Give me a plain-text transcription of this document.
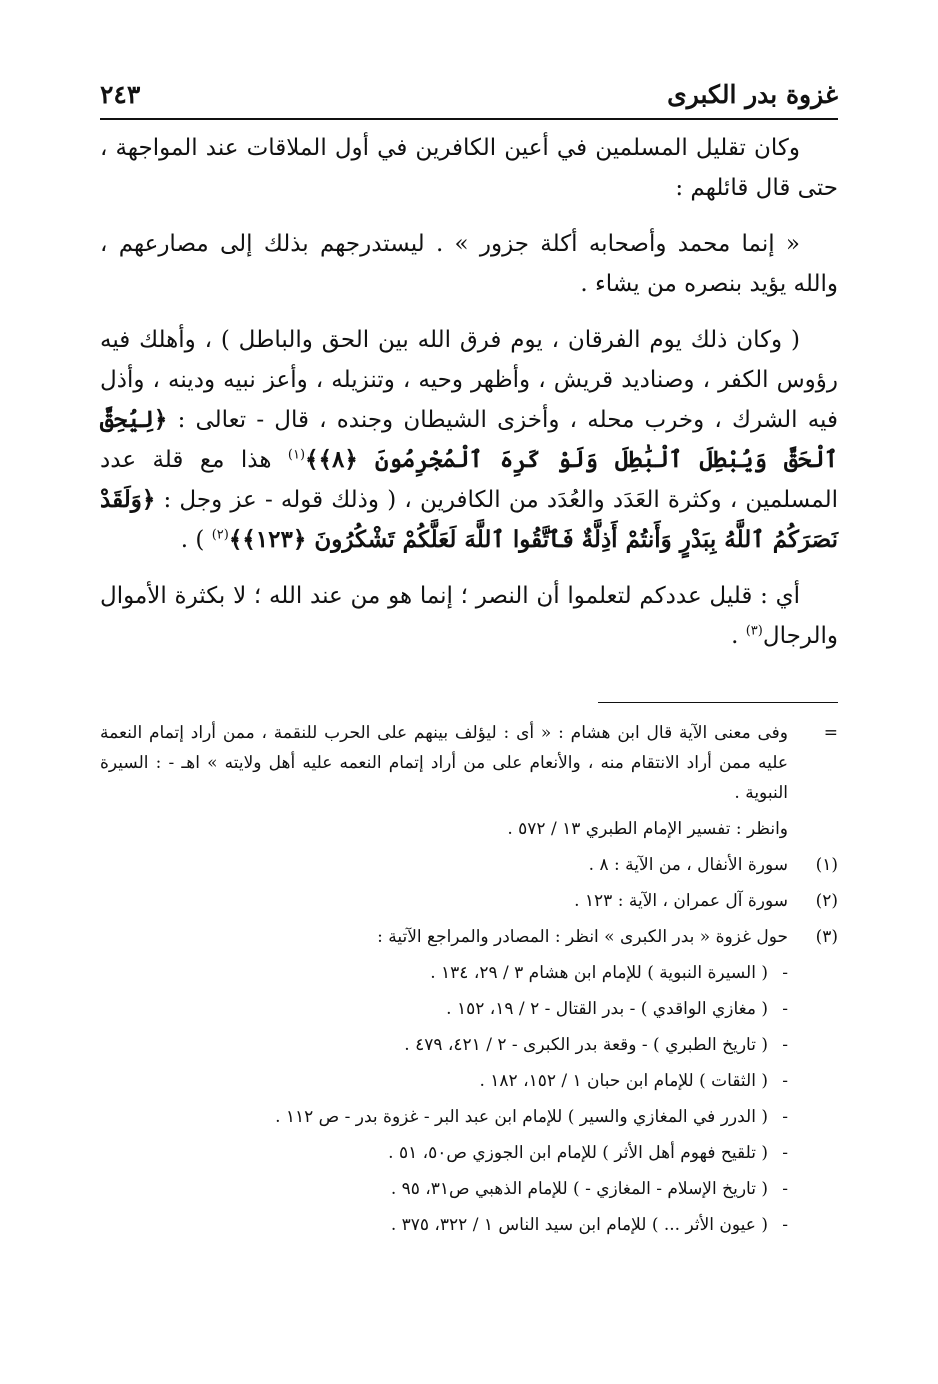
غزوة بدر الكبرى
٢٤٣

وكان تقليل المسلمين في أعين الكافرين في أول الملاقات عند المواجهة ، حتى قال قائلهم :

« إنما محمد وأصحابه أكلة جزور » . ليستدرجهم بذلك إلى مصارعهم ، والله يؤيد بنصره من يشاء .

( وكان ذلك يوم الفرقان ، يوم فرق الله بين الحق والباطل ) ، وأهلك فيه رؤوس الكفر ، وصناديد قريش ، وأظهر وحيه ، وتنزيله ، وأعز نبيه ودينه ، وأذل فيه الشرك ، وخرب محله ، وأخزى الشيطان وجنده ، قال - تعالى : ﴿لِيُحِقَّ ٱلْحَقَّ وَيُبْطِلَ ٱلْبَٰطِلَ وَلَوْ كَرِهَ ٱلْمُجْرِمُونَ ﴿٨﴾﴾$^{(١)}$ هذا مع قلة عدد المسلمين ، وكثرة العَدَد والعُدَد من الكافرين ، ( وذلك قوله - عز وجل : ﴿وَلَقَدْ نَصَرَكُمُ ٱللَّهُ بِبَدْرٍ وَأَنتُمْ أَذِلَّةٌ فَٱتَّقُوا ٱللَّهَ لَعَلَّكُمْ تَشْكُرُونَ ﴿١٢٣﴾﴾$^{(٢)}$ ) .

أي : قليل عددكم لتعلموا أن النصر ؛ إنما هو من عند الله ؛ لا بكثرة الأموال والرجال$^{(٣)}$ .

=
وفى معنى الآية قال ابن هشام : « أى : ليؤلف بينهم على الحرب للنقمة ، ممن أراد إتمام النعمة عليه ممن أراد الانتقام منه ، والأنعام على من أراد إتمام النعمه عليه أهل ولايته » اهـ - : السيرة النبوية .
وانظر : تفسير الإمام الطبري ١٣ / ٥٧٢ .
(١)
سورة الأنفال ، من الآية : ٨ .
(٢)
سورة آل عمران ، الآية : ١٢٣ .
(٣)
حول غزوة « بدر الكبرى » انظر : المصادر والمراجع الآتية :
-
( السيرة النبوية ) للإمام ابن هشام ٣ / ٢٩، ١٣٤ .
-
( مغازي الواقدي ) - بدر القتال - ٢ / ١٩، ١٥٢ .
-
( تاريخ الطبري ) - وقعة بدر الكبرى - ٢ / ٤٢١، ٤٧٩ .
-
( الثقات ) للإمام ابن حبان ١ / ١٥٢، ١٨٢ .
-
( الدرر في المغازي والسير ) للإمام ابن عبد البر - غزوة بدر - ص ١١٢ .
-
( تلقيح فهوم أهل الأثر ) للإمام ابن الجوزي ص٥٠، ٥١ .
-
( تاريخ الإسلام - المغازي - ) للإمام الذهبي ص٣١، ٩٥ .
-
( عيون الأثر ... ) للإمام ابن سيد الناس ١ / ٣٢٢، ٣٧٥ .
